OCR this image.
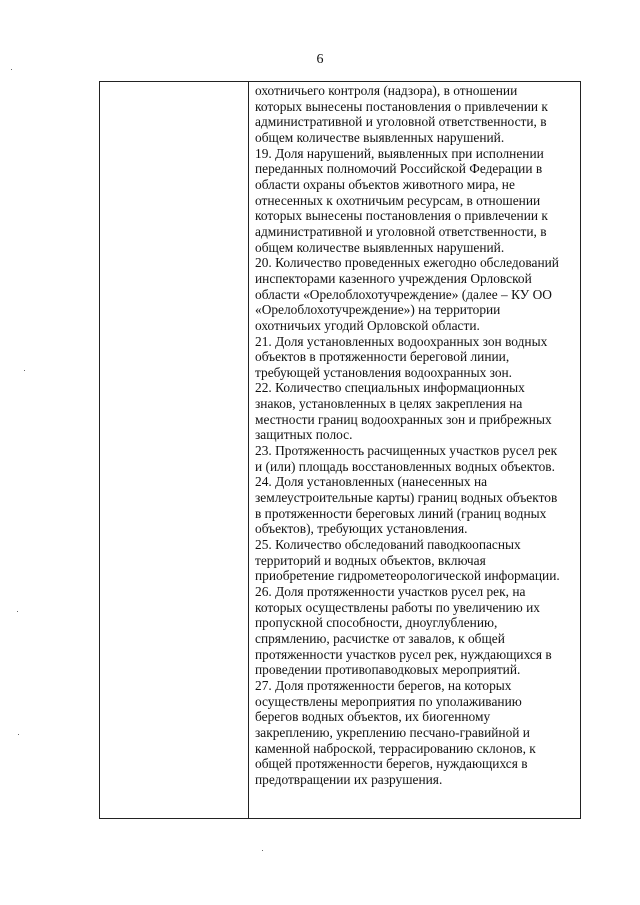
6
охотничьего контроля (надзора), в отношении
которых вынесены постановления о привлечении к
административной и уголовной ответственности, в
общем количестве выявленных нарушений.
19. Доля нарушений, выявленных при исполнении
переданных полномочий Российской Федерации в
области охраны объектов животного мира, не
отнесенных к охотничьим ресурсам, в отношении
которых вынесены постановления о привлечении к
административной и уголовной ответственности, в
общем количестве выявленных нарушений.
20. Количество проведенных ежегодно обследований
инспекторами казенного учреждения Орловской
области «Орелоблохотучреждение» (далее – КУ ОО
«Орелоблохотучреждение») на территории
охотничьих угодий Орловской области.
21. Доля установленных водоохранных зон водных
объектов в протяженности береговой линии,
требующей установления водоохранных зон.
22. Количество специальных информационных
знаков, установленных в целях закрепления на
местности границ водоохранных зон и прибрежных
защитных полос.
23. Протяженность расчищенных участков русел рек
и (или) площадь восстановленных водных объектов.
24. Доля установленных (нанесенных на
землеустроительные карты) границ водных объектов
в протяженности береговых линий (границ водных
объектов), требующих установления.
25. Количество обследований паводкоопасных
территорий и водных объектов, включая
приобретение гидрометеорологической информации.
26. Доля протяженности участков русел рек, на
которых осуществлены работы по увеличению их
пропускной способности, дноуглублению,
спрямлению, расчистке от завалов, к общей
протяженности участков русел рек, нуждающихся в
проведении противопаводковых мероприятий.
27. Доля протяженности берегов, на которых
осуществлены мероприятия по уполаживанию
берегов водных объектов, их биогенному
закреплению, укреплению песчано-гравийной и
каменной наброской, террасированию склонов, к
общей протяженности берегов, нуждающихся в
предотвращении их разрушения.
